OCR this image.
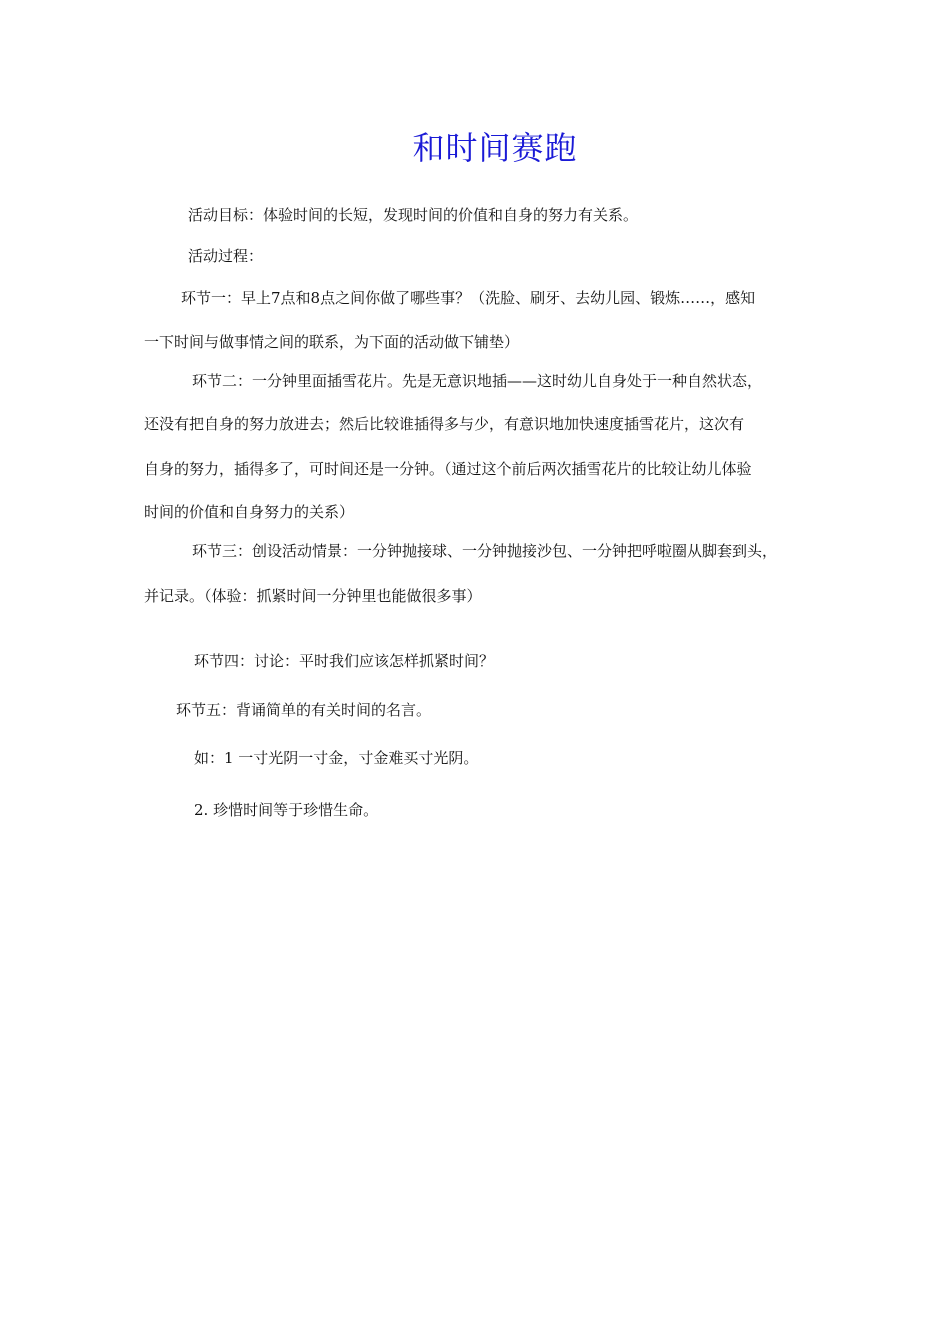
和时间赛跑
活动目标：体验时间的长短，发现时间的价值和自身的努力有关系。
活动过程：
环节一：早上7点和8点之间你做了哪些事？（洗脸、刷牙、去幼儿园、锻炼……，感知
一下时间与做事情之间的联系，为下面的活动做下铺垫）
环节二：一分钟里面插雪花片。先是无意识地插——这时幼儿自身处于一种自然状态，
还没有把自身的努力放进去；然后比较谁插得多与少，有意识地加快速度插雪花片，这次有
自身的努力，插得多了，可时间还是一分钟。（通过这个前后两次插雪花片的比较让幼儿体验
时间的价值和自身努力的关系）
环节三：创设活动情景：一分钟抛接球、一分钟抛接沙包、一分钟把呼啦圈从脚套到头，
并记录。（体验：抓紧时间一分钟里也能做很多事）
环节四：讨论：平时我们应该怎样抓紧时间？
环节五：背诵简单的有关时间的名言。
如：1 一寸光阴一寸金，寸金难买寸光阴。
2. 珍惜时间等于珍惜生命。
